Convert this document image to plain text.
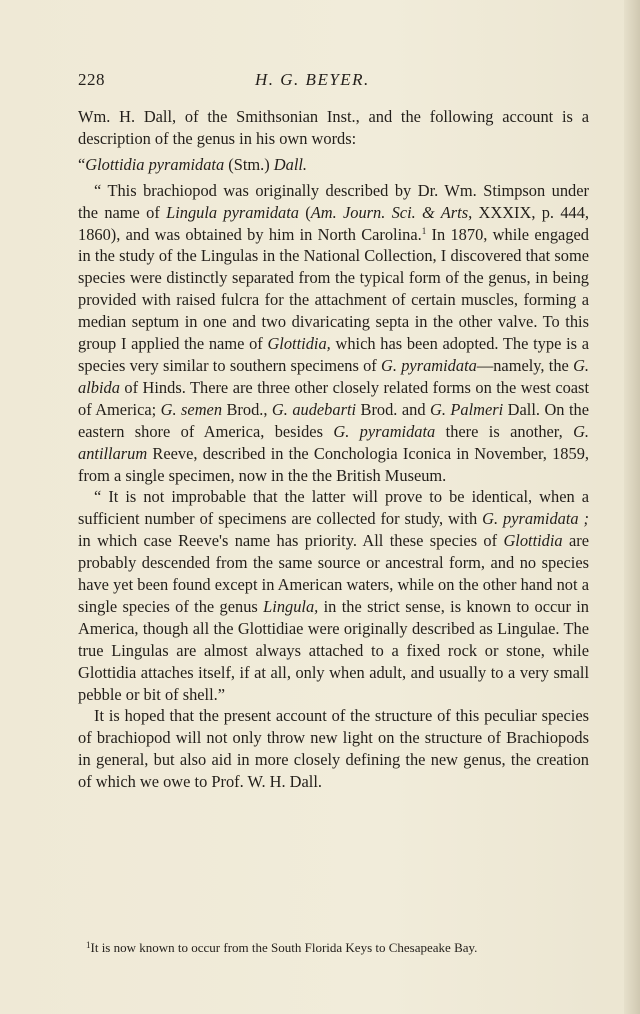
228	H. G. BEYER.

Wm. H. Dall, of the Smithsonian Inst., and the following account is a description of the genus in his own words:

“Glottidia pyramidata (Stm.) Dall.

“ This brachiopod was originally described by Dr. Wm. Stimpson under the name of Lingula pyramidata (Am. Journ. Sci. & Arts, XXXIX, p. 444, 1860), and was obtained by him in North Carolina.$^1$ In 1870, while engaged in the study of the Lingulas in the National Collection, I discovered that some species were distinctly separated from the typical form of the genus, in being provided with raised fulcra for the attachment of certain muscles, forming a median septum in one and two divaricating septa in the other valve. To this group I applied the name of Glottidia, which has been adopted. The type is a species very similar to southern specimens of G. pyramidata—namely, the G. albida of Hinds. There are three other closely related forms on the west coast of America; G. semen Brod., G. audebarti Brod. and G. Palmeri Dall. On the eastern shore of America, besides G. pyramidata there is another, G. antillarum Reeve, described in the Conchologia Iconica in November, 1859, from a single specimen, now in the the British Museum.

“ It is not improbable that the latter will prove to be identical, when a sufficient number of specimens are collected for study, with G. pyramidata ; in which case Reeve's name has priority. All these species of Glottidia are probably descended from the same source or ancestral form, and no species have yet been found except in American waters, while on the other hand not a single species of the genus Lingula, in the strict sense, is known to occur in America, though all the Glottidiae were originally described as Lingulae. The true Lingulas are almost always attached to a fixed rock or stone, while Glottidia attaches itself, if at all, only when adult, and usually to a very small pebble or bit of shell.”

It is hoped that the present account of the structure of this peculiar species of brachiopod will not only throw new light on the structure of Brachiopods in general, but also aid in more closely defining the new genus, the creation of which we owe to Prof. W. H. Dall.

$^1$It is now known to occur from the South Florida Keys to Chesapeake Bay.
